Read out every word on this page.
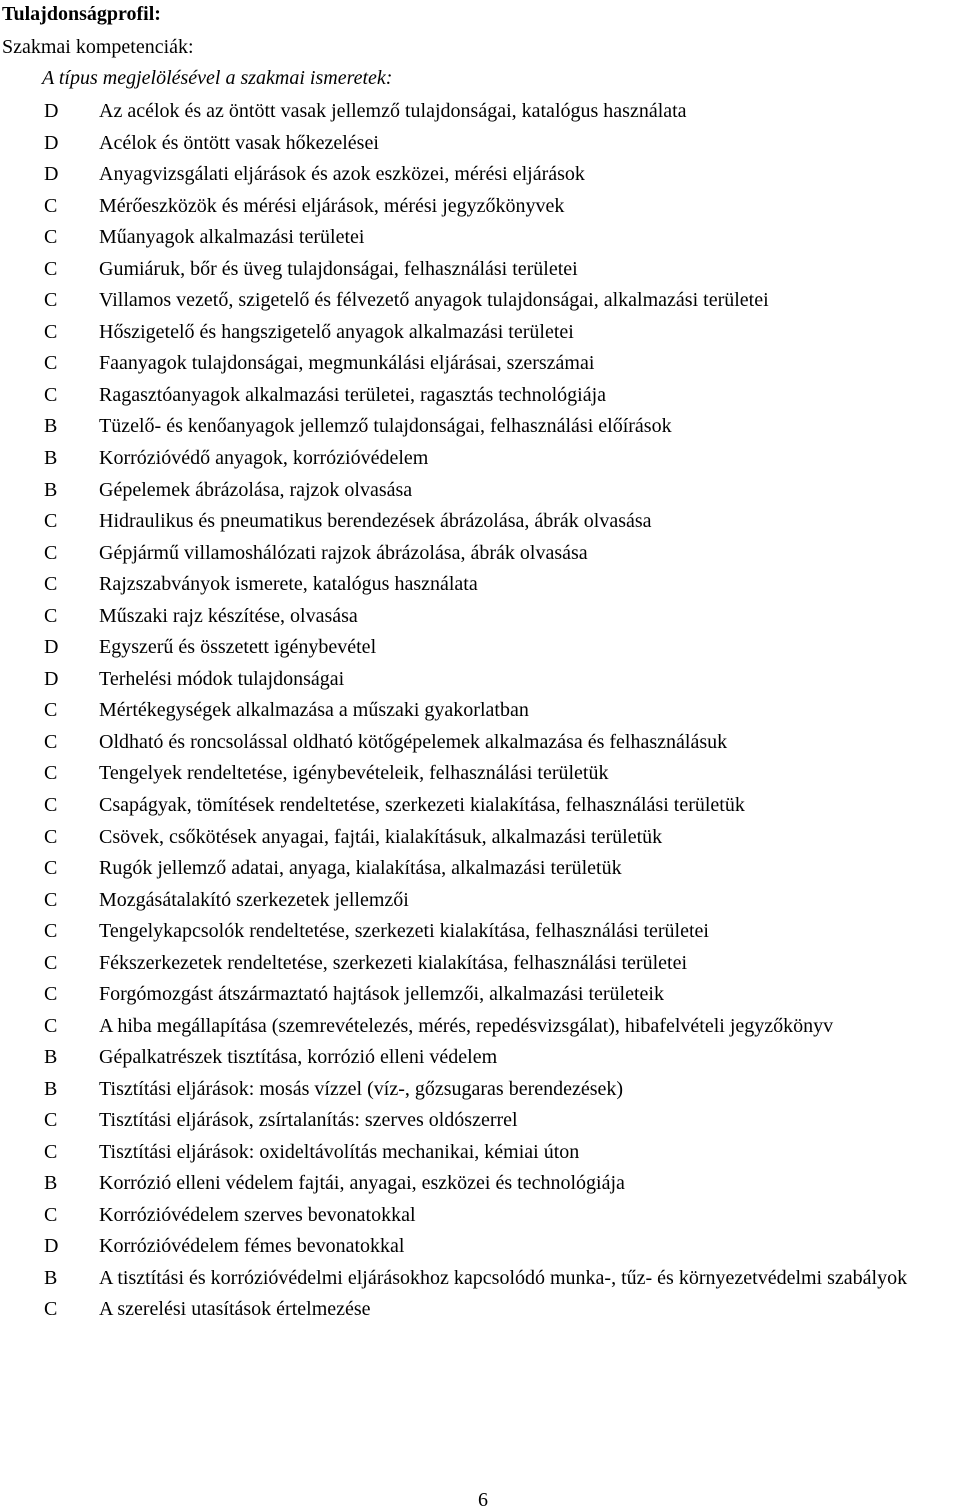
Tulajdonságprofil:
Szakmai kompetenciák:
A típus megjelölésével a szakmai ismeretek:
D	Az acélok és az öntött vasak jellemző tulajdonságai, katalógus használata
D	Acélok és öntött vasak hőkezelései
D	Anyagvizsgálati eljárások és azok eszközei, mérési eljárások
C	Mérőeszközök és mérési eljárások, mérési jegyzőkönyvek
C	Műanyagok alkalmazási területei
C	Gumiáruk, bőr és üveg tulajdonságai, felhasználási területei
C	Villamos vezető, szigetelő és félvezető anyagok tulajdonságai, alkalmazási területei
C	Hőszigetelő és hangszigetelő anyagok alkalmazási területei
C	Faanyagok tulajdonságai, megmunkálási eljárásai, szerszámai
C	Ragasztóanyagok alkalmazási területei, ragasztás technológiája
B	Tüzelő- és kenőanyagok jellemző tulajdonságai, felhasználási előírások
B	Korrózióvédő anyagok, korrózióvédelem
B	Gépelemek ábrázolása, rajzok olvasása
C	Hidraulikus és pneumatikus berendezések ábrázolása, ábrák olvasása
C	Gépjármű villamoshálózati rajzok ábrázolása, ábrák olvasása
C	Rajzszabványok ismerete, katalógus használata
C	Műszaki rajz készítése, olvasása
D	Egyszerű és összetett igénybevétel
D	Terhelési módok tulajdonságai
C	Mértékegységek alkalmazása a műszaki gyakorlatban
C	Oldható és roncsolással oldható kötőgépelemek alkalmazása és felhasználásuk
C	Tengelyek rendeltetése, igénybevételeik, felhasználási területük
C	Csapágyak, tömítések rendeltetése, szerkezeti kialakítása, felhasználási területük
C	Csövek, csőkötések anyagai, fajtái, kialakításuk, alkalmazási területük
C	Rugók jellemző adatai, anyaga, kialakítása, alkalmazási területük
C	Mozgásátalakító szerkezetek jellemzői
C	Tengelykapcsolók rendeltetése, szerkezeti kialakítása, felhasználási területei
C	Fékszerkezetek rendeltetése, szerkezeti kialakítása, felhasználási területei
C	Forgómozgást átszármaztató hajtások jellemzői, alkalmazási területeik
C	A hiba megállapítása (szemrevételezés, mérés, repedésvizsgálat), hibafelvételi jegyzőkönyv
B	Gépalkatrészek tisztítása, korrózió elleni védelem
B	Tisztítási eljárások: mosás vízzel (víz-, gőzsugaras berendezések)
C	Tisztítási eljárások, zsírtalanítás: szerves oldószerrel
C	Tisztítási eljárások: oxideltávolítás mechanikai, kémiai úton
B	Korrózió elleni védelem fajtái, anyagai, eszközei és technológiája
C	Korrózióvédelem szerves bevonatokkal
D	Korrózióvédelem fémes bevonatokkal
B	A tisztítási és korrózióvédelmi eljárásokhoz kapcsolódó munka-, tűz- és környezetvédelmi szabályok
C	A szerelési utasítások értelmezése
6
